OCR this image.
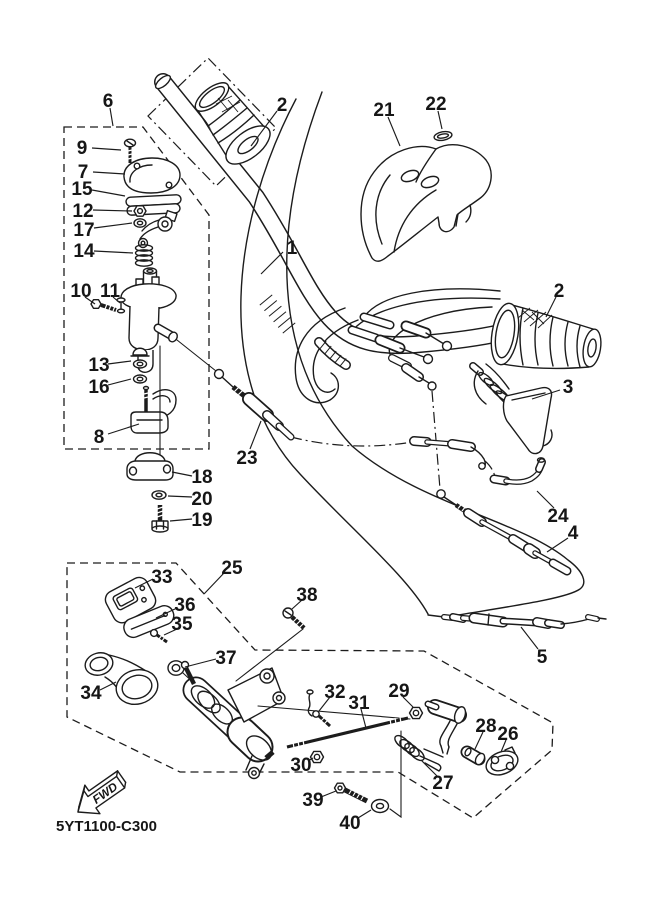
FWD
5YT1100-C300
1
2
2
3
4
5
6
7
8
9
10 11
12
13
14
15
16
17
18
19
20
21 22
23
24
25
26
27
28
29
30
31
32
33
34
35
36
37
38
39
40
